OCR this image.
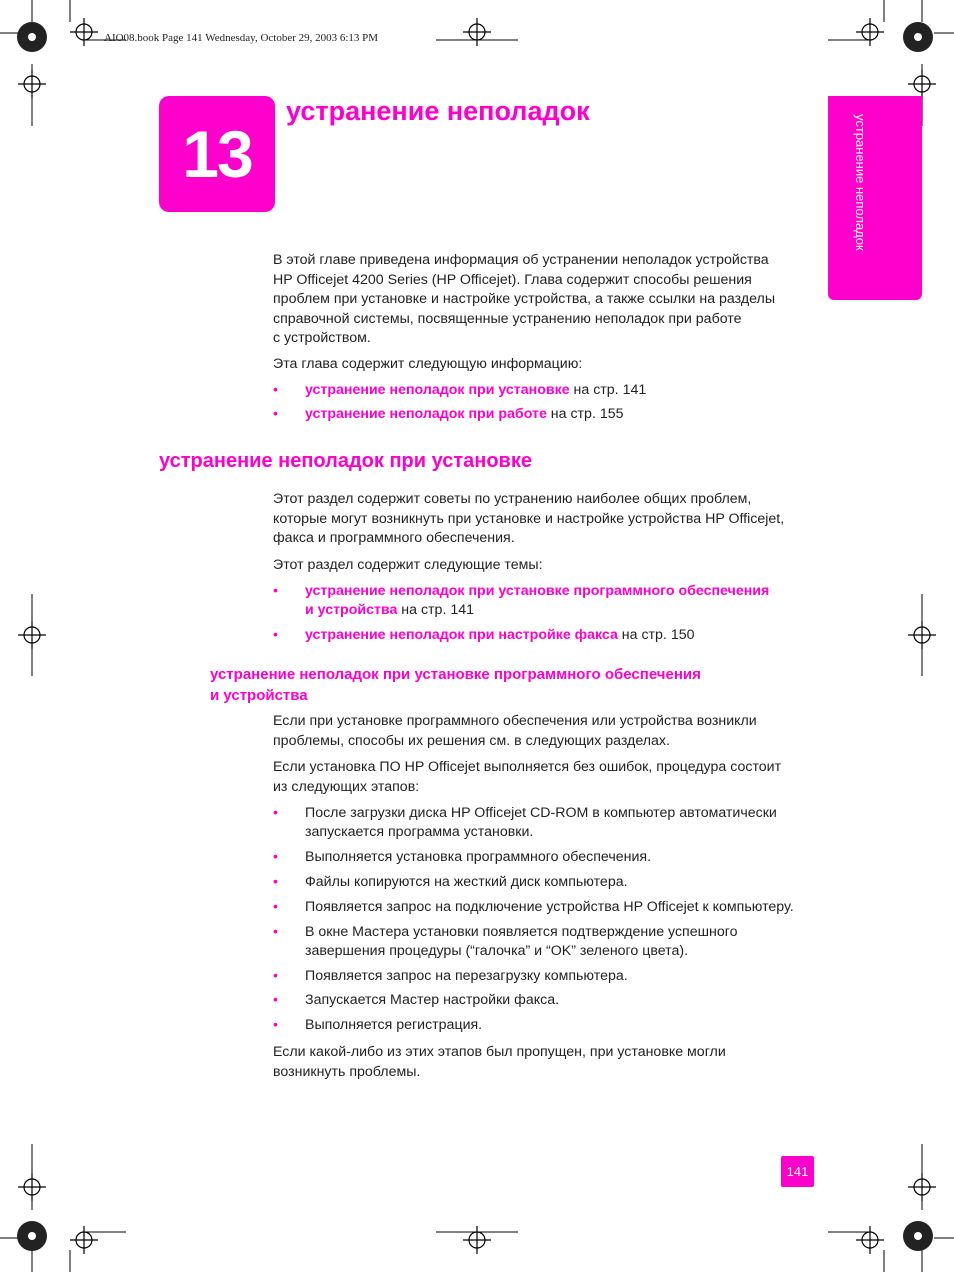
AIO08.book Page 141 Wednesday, October 29, 2003 6:13 PM
13
устранение неполадок
устранение неполадок

В этой главе приведена информация об устранении неполадок устройства

HP Officejet 4200 Series (HP Officejet). Глава содержит способы решения

проблем при установке и настройке устройства, а также ссылки на разделы

справочной системы, посвященные устранению неполадок при работе

с устройством.

Эта глава содержит следующую информацию:
• устранение неполадок при установке на стр. 141
• устранение неполадок при работе на стр. 155
устранение неполадок при установке

Этот раздел содержит советы по устранению наиболее общих проблем,

которые могут возникнуть при установке и настройке устройства HP Officejet,

факса и программного обеспечения.

Этот раздел содержит следующие темы:
• устранение неполадок при установке программного обеспечения
и устройства на стр. 141
• устранение неполадок при настройке факса на стр. 150
устранение неполадок при установке программного обеспечения
и устройства

Если при установке программного обеспечения или устройства возникли

проблемы, способы их решения см. в следующих разделах.

Если установка ПО HP Officejet выполняется без ошибок, процедура состоит

из следующих этапов:

• После загрузки диска HP Officejet CD-ROM в компьютер автоматически
запускается программа установки.
• Выполняется установка программного обеспечения.
• Файлы копируются на жесткий диск компьютера.
• Появляется запрос на подключение устройства HP Officejet к компьютеру.
• В окне Мастера установки появляется подтверждение успешного
завершения процедуры (“галочка” и “OK” зеленого цвета).
• Появляется запрос на перезагрузку компьютера.
• Запускается Мастер настройки факса.
• Выполняется регистрация.

Если какой-либо из этих этапов был пропущен, при установке могли

возникнуть проблемы.

141
